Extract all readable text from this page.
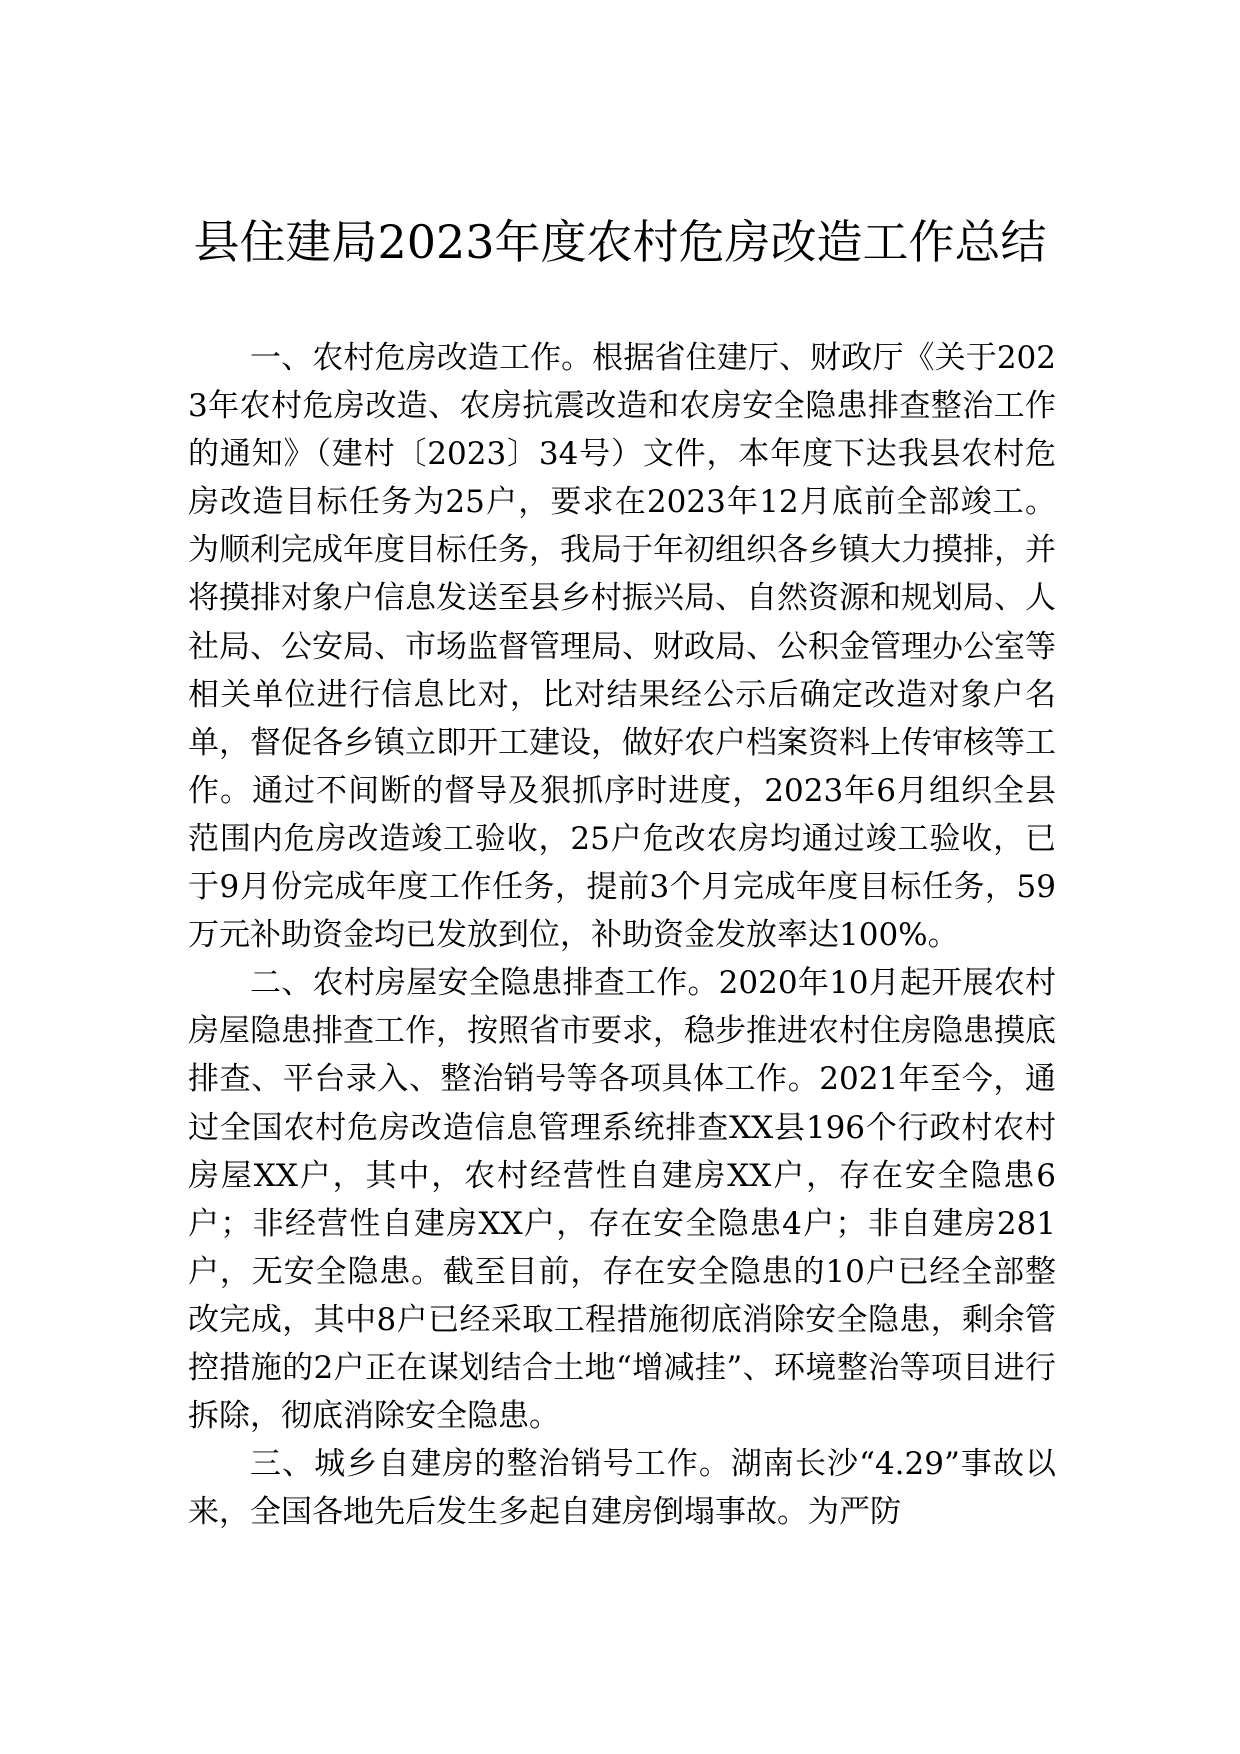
县住建局2023年度农村危房改造工作总结

一、农村危房改造工作。根据省住建厅、财政厅《关于2023年农村危房改造、农房抗震改造和农房安全隐患排查整治工作的通知》（建村〔2023〕34号）文件，本年度下达我县农村危房改造目标任务为25户，要求在2023年12月底前全部竣工。为顺利完成年度目标任务，我局于年初组织各乡镇大力摸排，并将摸排对象户信息发送至县乡村振兴局、自然资源和规划局、人社局、公安局、市场监督管理局、财政局、公积金管理办公室等相关单位进行信息比对，比对结果经公示后确定改造对象户名单，督促各乡镇立即开工建设，做好农户档案资料上传审核等工作。通过不间断的督导及狠抓序时进度，2023年6月组织全县范围内危房改造竣工验收，25户危改农房均通过竣工验收，已于9月份完成年度工作任务，提前3个月完成年度目标任务，59万元补助资金均已发放到位，补助资金发放率达100%。

二、农村房屋安全隐患排查工作。2020年10月起开展农村房屋隐患排查工作，按照省市要求，稳步推进农村住房隐患摸底排查、平台录入、整治销号等各项具体工作。2021年至今，通过全国农村危房改造信息管理系统排查XX县196个行政村农村房屋XX户，其中，农村经营性自建房XX户，存在安全隐患6户；非经营性自建房XX户，存在安全隐患4户；非自建房281户，无安全隐患。截至目前，存在安全隐患的10户已经全部整改完成，其中8户已经采取工程措施彻底消除安全隐患，剩余管控措施的2户正在谋划结合土地“增减挂”、环境整治等项目进行拆除，彻底消除安全隐患。

三、城乡自建房的整治销号工作。湖南长沙“4.29”事故以来，全国各地先后发生多起自建房倒塌事故。为严防
